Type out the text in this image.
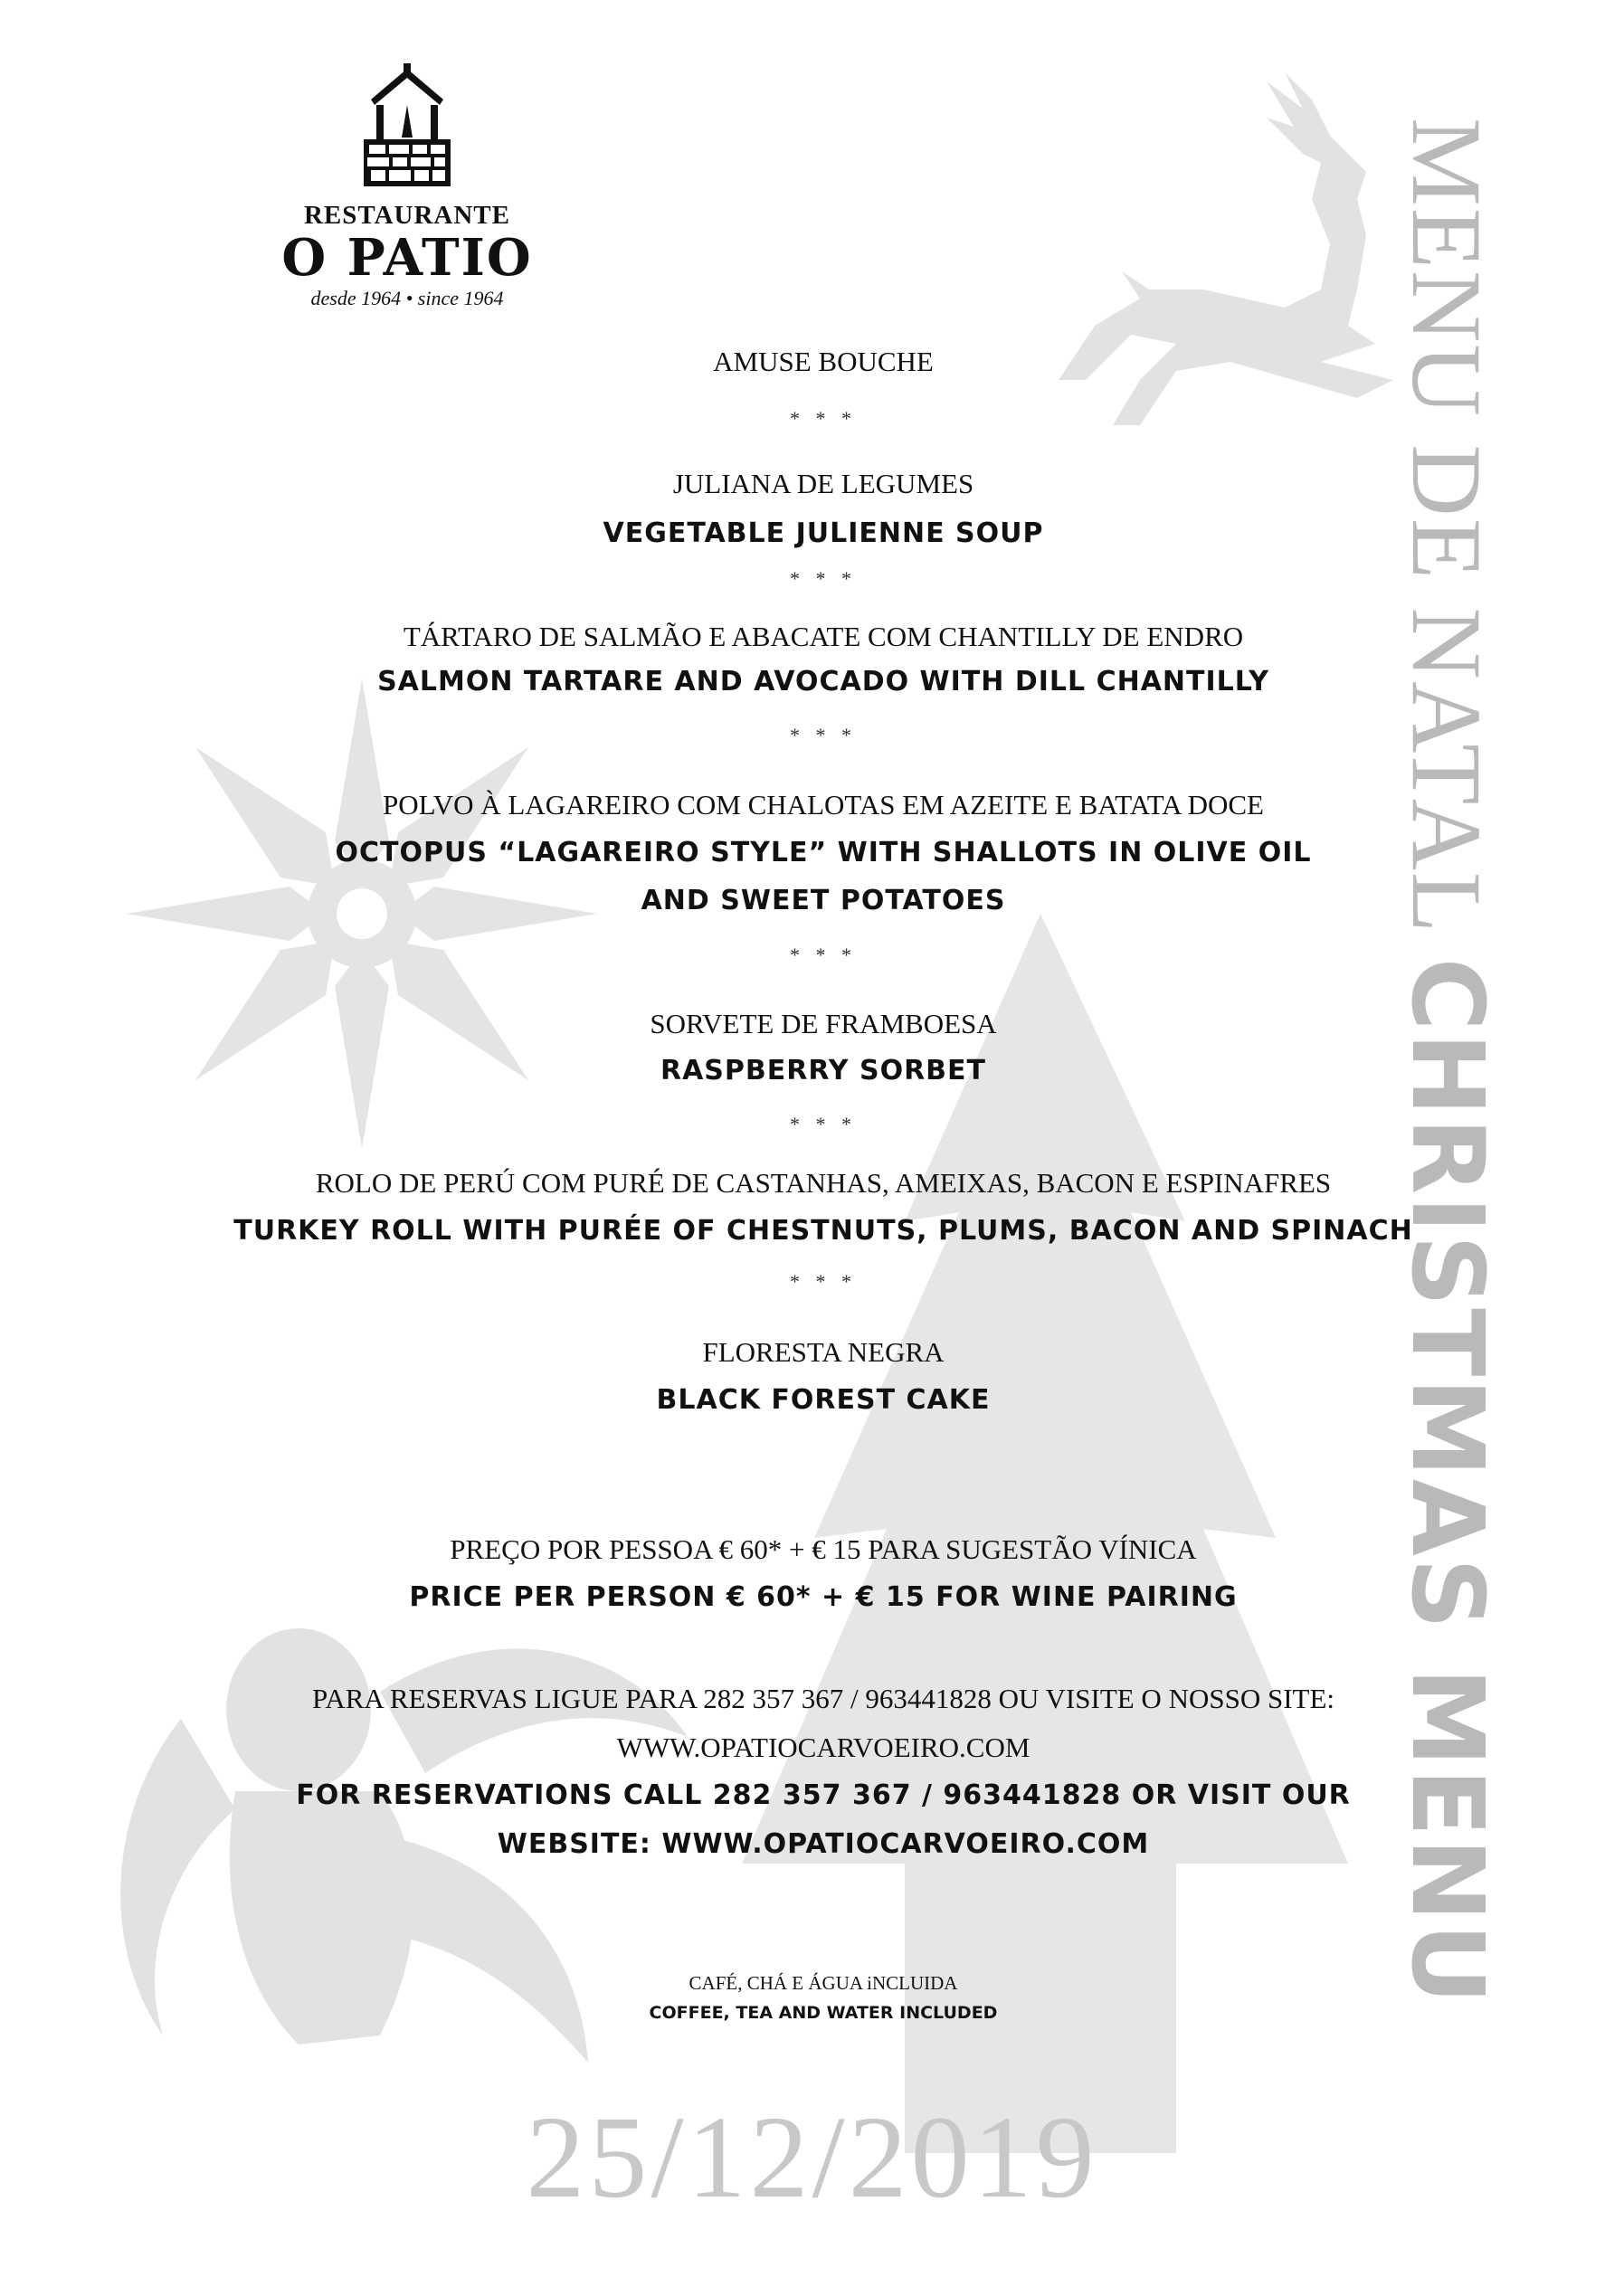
RESTAURANTE
O PATIO
desde 1964 • since 1964
AMUSE BOUCHE
* * *
JULIANA DE LEGUMES
VEGETABLE JULIENNE SOUP
* * *
TÁRTARO DE SALMÃO E ABACATE COM CHANTILLY DE ENDRO
SALMON TARTARE AND AVOCADO WITH DILL CHANTILLY
* * *
POLVO À LAGAREIRO COM CHALOTAS EM AZEITE E BATATA DOCE
OCTOPUS “LAGAREIRO STYLE” WITH SHALLOTS IN OLIVE OIL
AND SWEET POTATOES
* * *
SORVETE DE FRAMBOESA
RASPBERRY SORBET
* * *
ROLO DE PERÚ COM PURÉ DE CASTANHAS, AMEIXAS, BACON E ESPINAFRES
TURKEY ROLL WITH PURÉE OF CHESTNUTS, PLUMS, BACON AND SPINACH
* * *
FLORESTA NEGRA
BLACK FOREST CAKE
PREÇO POR PESSOA € 60* + € 15 PARA SUGESTÃO VÍNICA
PRICE PER PERSON € 60* + € 15 FOR WINE PAIRING
PARA RESERVAS LIGUE PARA 282 357 367 / 963441828 OU VISITE O NOSSO SITE:
WWW.OPATIOCARVOEIRO.COM
FOR RESERVATIONS CALL 282 357 367 / 963441828 OR VISIT OUR
WEBSITE: WWW.OPATIOCARVOEIRO.COM
CAFÉ, CHÁ E ÁGUA iNCLUIDA
COFFEE, TEA AND WATER INCLUDED
MENU DE NATAL CHRISTMAS MENU
25/12/2019
